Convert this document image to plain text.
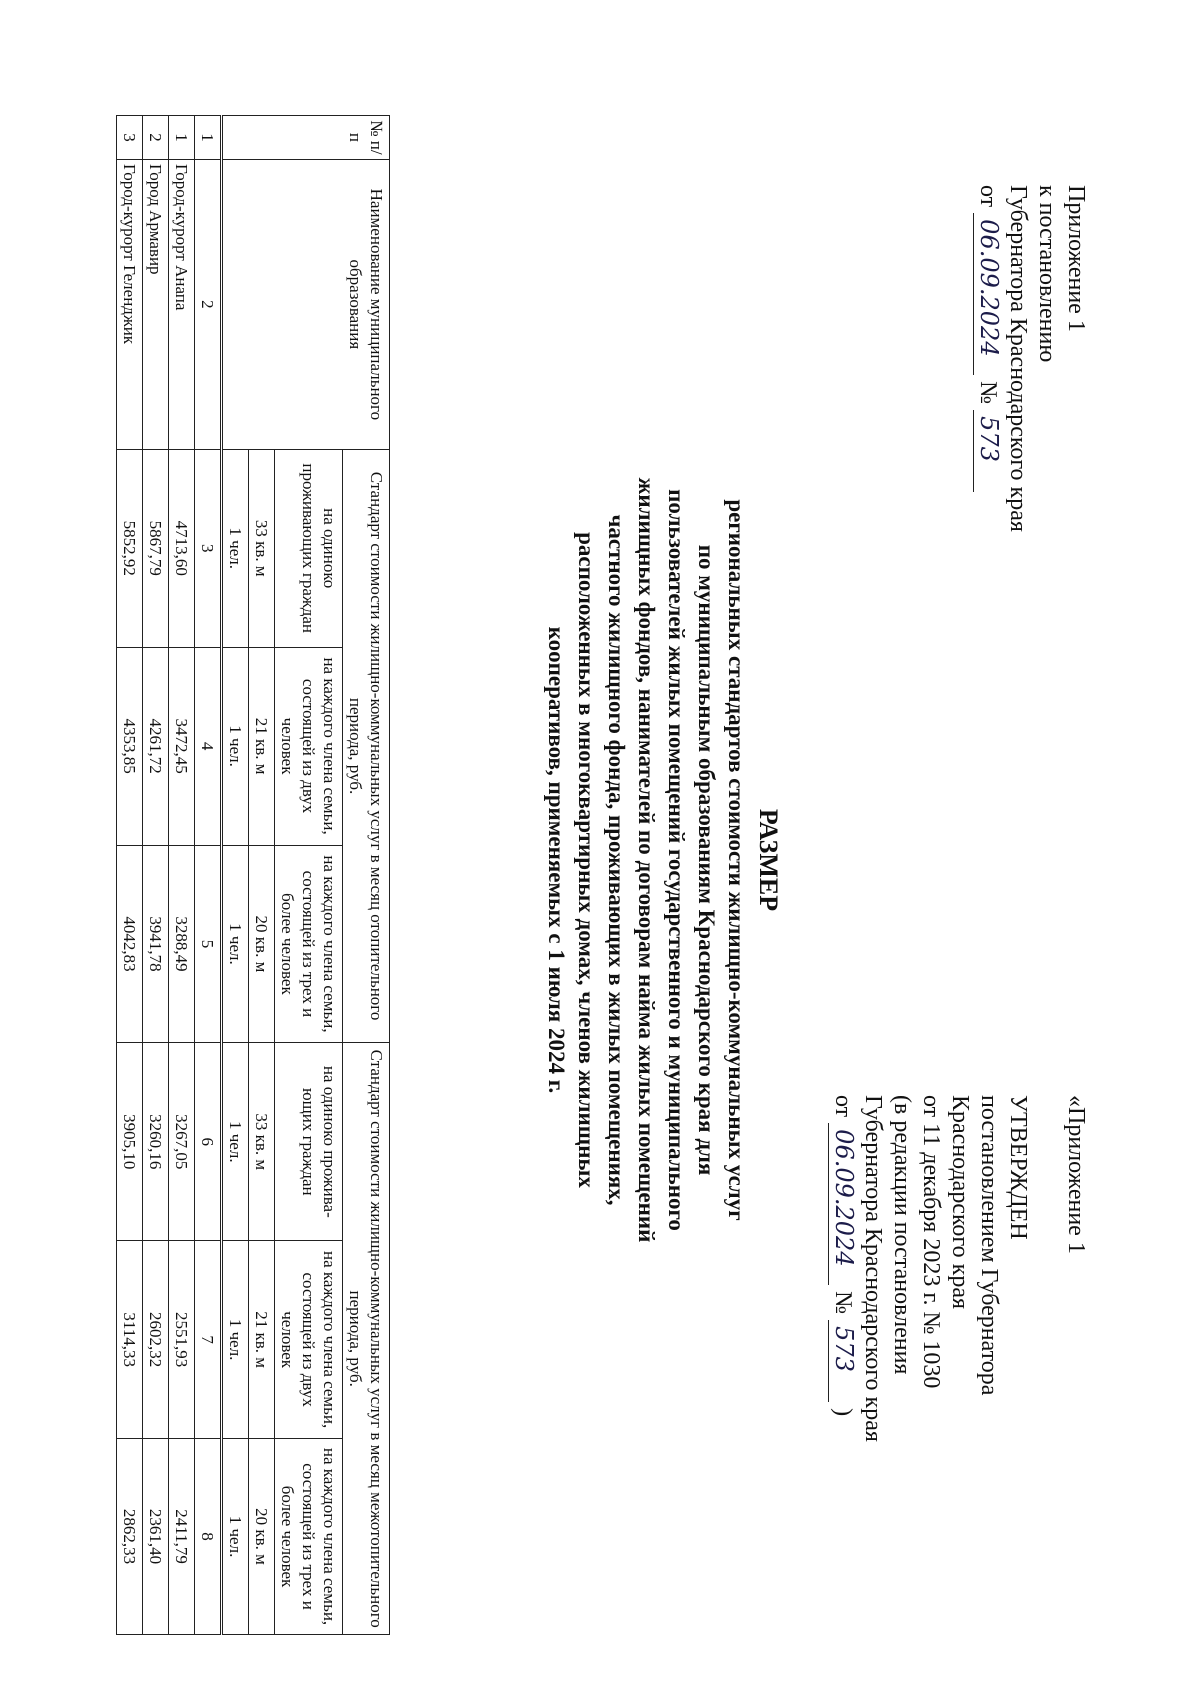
Приложение 1
к постановлению
Губернатора Краснодарского края
от 06.09.2024 № 573
«Приложение 1
УТВЕРЖДЕН
постановлением Губернатора
Краснодарского края
от 11 декабря 2023 г. № 1030
(в редакции постановления
Губернатора Краснодарского края
от 06.09.2024 № 573 )
РАЗМЕР
региональных стандартов стоимости жилищно-коммунальных услуг
по муниципальным образованиям Краснодарского края для
пользователей жилых помещений государственного и муниципального
жилищных фондов, нанимателей по договорам найма жилых помещений
частного жилищного фонда, проживающих в жилых помещениях,
расположенных в многоквартирных домах, членов жилищных
кооперативов, применяемых с 1 июля 2024 г.
№ п/п	Наименование муниципального образования	Стандарт стоимости жилищно-коммунальных услуг в месяц отопительного периода, руб.			Стандарт стоимости жилищно-коммунальных услуг в месяц межотопительного периода, руб.		
		на одиноко проживающих граждан	на каждого члена семьи, состоящей из двух человек	на каждого члена семьи, состоящей из трех и более человек	на одиноко прожива-ющих граждан	на каждого члена семьи, состоящей из двух человек	на каждого члена семьи, состоящей из трех и более человек
		33 кв. м	21 кв. м	20 кв. м	33 кв. м	21 кв. м	20 кв. м
		1 чел.	1 чел.	1 чел.	1 чел.	1 чел.	1 чел.
1	2	3	4	5	6	7	8
1	Город-курорт Анапа	4713,60	3472,45	3288,49	3267,05	2551,93	2411,79
2	Город Армавир	5867,79	4261,72	3941,78	3260,16	2602,32	2361,40
3	Город-курорт Геленджик	5852,92	4353,85	4042,83	3905,10	3114,33	2862,33
